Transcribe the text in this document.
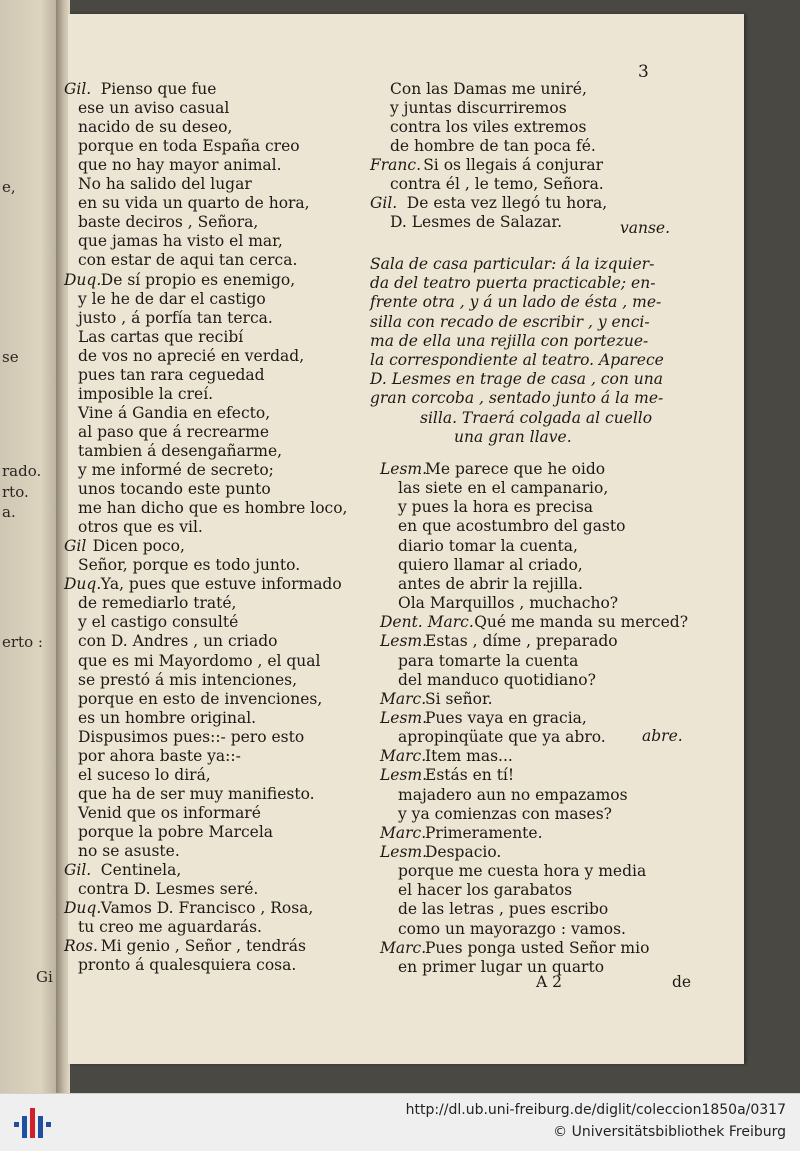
e,
se
rado.
rto.
a.
erto :
Gi
3
A 2	de
Gil. Pienso que fue
ese un aviso casual
nacido de su deseo,
porque en toda España creo
que no hay mayor animal.
No ha salido del lugar
en su vida un quarto de hora,
baste deciros , Señora,
que jamas ha visto el mar,
con estar de aqui tan cerca.
Duq. De sí propio es enemigo,
y le he de dar el castigo
justo , á porfía tan terca.
Las cartas que recibí
de vos no aprecié en verdad,
pues tan rara ceguedad
imposible la creí.
Vine á Gandia en efecto,
al paso que á recrearme
tambien á desengañarme,
y me informé de secreto;
unos tocando este punto
me han dicho que es hombre loco,
otros que es vil.
Gil Dicen poco,
Señor, porque es todo junto.
Duq. Ya, pues que estuve informado
de remediarlo traté,
y el castigo consulté
con D. Andres , un criado
que es mi Mayordomo , el qual
se prestó á mis intenciones,
porque en esto de invenciones,
es un hombre original.
Dispusimos pues::- pero esto
por ahora baste ya::-
el suceso lo dirá,
que ha de ser muy manifiesto.
Venid que os informaré
porque la pobre Marcela
no se asuste.
Gil. Centinela,
contra D. Lesmes seré.
Duq. Vamos D. Francisco , Rosa,
tu creo me aguardarás.
Ros. Mi genio , Señor , tendrás
pronto á qualesquiera cosa.
Con las Damas me uniré,
y juntas discurriremos
contra los viles extremos
de hombre de tan poca fé.
Franc. Si os llegais á conjurar
contra él , le temo, Señora.
Gil. De esta vez llegó tu hora,
D. Lesmes de Salazar.	vanse.
Sala de casa particular: á la izquier-
da del teatro puerta practicable; en-
frente otra , y á un lado de ésta , me-
silla con recado de escribir , y enci-
ma de ella una rejilla con portezue-
la correspondiente al teatro. Aparece
D. Lesmes en trage de casa , con una
gran corcoba , sentado junto á la me-
silla. Traerá colgada al cuello
una gran llave.
Lesm.
Me parece que he oido
las siete en el campanario,
y pues la hora es precisa
en que acostumbro del gasto
diario tomar la cuenta,
quiero llamar al criado,
antes de abrir la rejilla.
Ola Marquillos , muchacho?
Dent. Marc. Qué me manda su merced?
Lesm.
Estas , díme , preparado
para tomarte la cuenta
del manduco quotidiano?
Marc.
Si señor.
Lesm.
Pues vaya en gracia,
apropinqüate que ya abro.
Marc.
Item mas...
Lesm.
Estás en tí!
majadero aun no empazamos
y ya comienzas con mases?
Marc.
Primeramente.
Lesm.
Despacio.
porque me cuesta hora y media
el hacer los garabatos
de las letras , pues escribo
como un mayorazgo : vamos.
Marc.
Pues ponga usted Señor mio
en primer lugar un quarto
abre.
http://dl.ub.uni-freiburg.de/diglit/coleccion1850a/0317
© Universitätsbibliothek Freiburg
